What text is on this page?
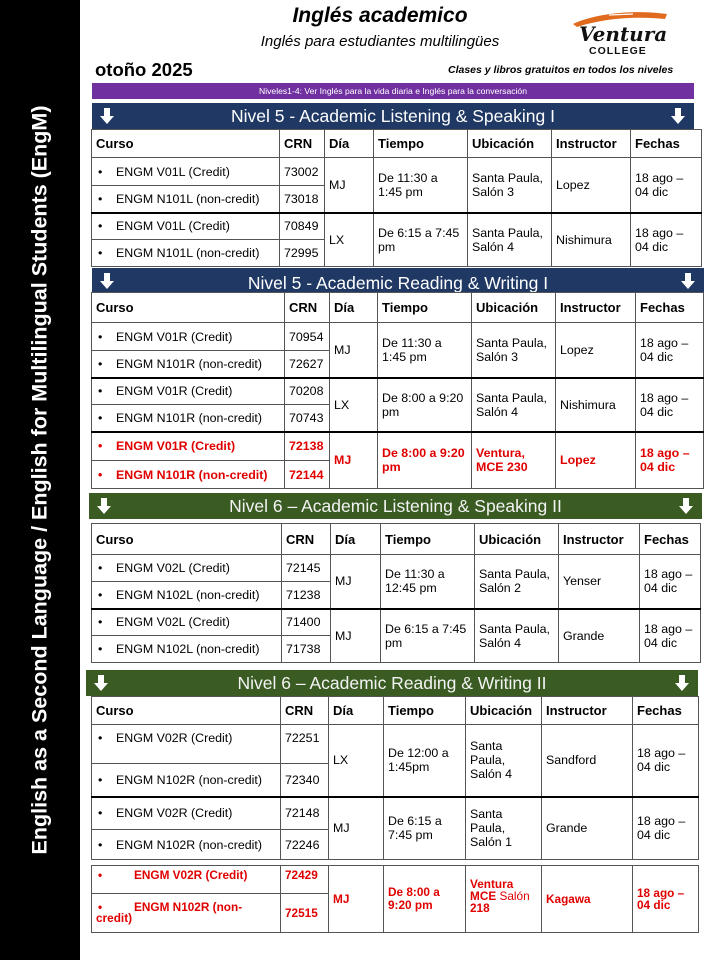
English as a Second Language / English for Multilingual Students (EngM)
Inglés academico
Inglés para estudiantes multilingües	Ventura
COLLEGE
otoño 2025	Clases y libros gratuitos en todos los niveles
Niveles1-4: Ver Inglés para la vida diaria e Inglés para la conversación
Nivel 5 - Academic Listening & Speaking I
Curso	CRN	Día	Tiempo	Ubicación	Instructor	Fechas
• ENGM V01L (Credit)	73002	MJ	De 11:30 a 1:45 pm	Santa Paula, Salón 3	Lopez	18 ago – 04 dic
• ENGM N101L (non-credit)	73018					
• ENGM V01L (Credit)	70849	LX	De 6:15 a 7:45 pm	Santa Paula, Salón 4	Nishimura	18 ago – 04 dic
• ENGM N101L (non-credit)	72995					
Nivel 5 - Academic Reading & Writing I
Curso	CRN	Día	Tiempo	Ubicación	Instructor	Fechas
• ENGM V01R (Credit)	70954	MJ	De 11:30 a 1:45 pm	Santa Paula, Salón 3	Lopez	18 ago – 04 dic
• ENGM N101R (non-credit)	72627					
• ENGM V01R (Credit)	70208	LX	De 8:00 a 9:20 pm	Santa Paula, Salón 4	Nishimura	18 ago – 04 dic
• ENGM N101R (non-credit)	70743					
• ENGM V01R (Credit)	72138	MJ	De 8:00 a 9:20 pm	Ventura, MCE 230	Lopez	18 ago – 04 dic
• ENGM N101R (non-credit)	72144					
Nivel 6 – Academic Listening & Speaking II
Curso	CRN	Día	Tiempo	Ubicación	Instructor	Fechas
• ENGM V02L (Credit)	72145	MJ	De 11:30 a 12:45 pm	Santa Paula, Salón 2	Yenser	18 ago – 04 dic
• ENGM N102L (non-credit)	71238					
• ENGM V02L (Credit)	71400	MJ	De 6:15 a 7:45 pm	Santa Paula, Salón 4	Grande	18 ago – 04 dic
• ENGM N102L (non-credit)	71738					
Nivel 6 – Academic Reading & Writing II
Curso	CRN	Día	Tiempo	Ubicación	Instructor	Fechas
• ENGM V02R (Credit)	72251	LX	De 12:00 a 1:45pm	Santa Paula, Salón 4	Sandford	18 ago – 04 dic
• ENGM N102R (non-credit)	72340					
• ENGM V02R (Credit)	72148	MJ	De 6:15 a 7:45 pm	Santa Paula, Salón 1	Grande	18 ago – 04 dic
• ENGM N102R (non-credit)	72246					
• ENGM V02R (Credit)	72429	MJ	De 8:00 a 9:20 pm	Ventura MCE Salón
218	Kagawa	18 ago – 04 dic
• ENGM N102R (non-credit)	72515					
